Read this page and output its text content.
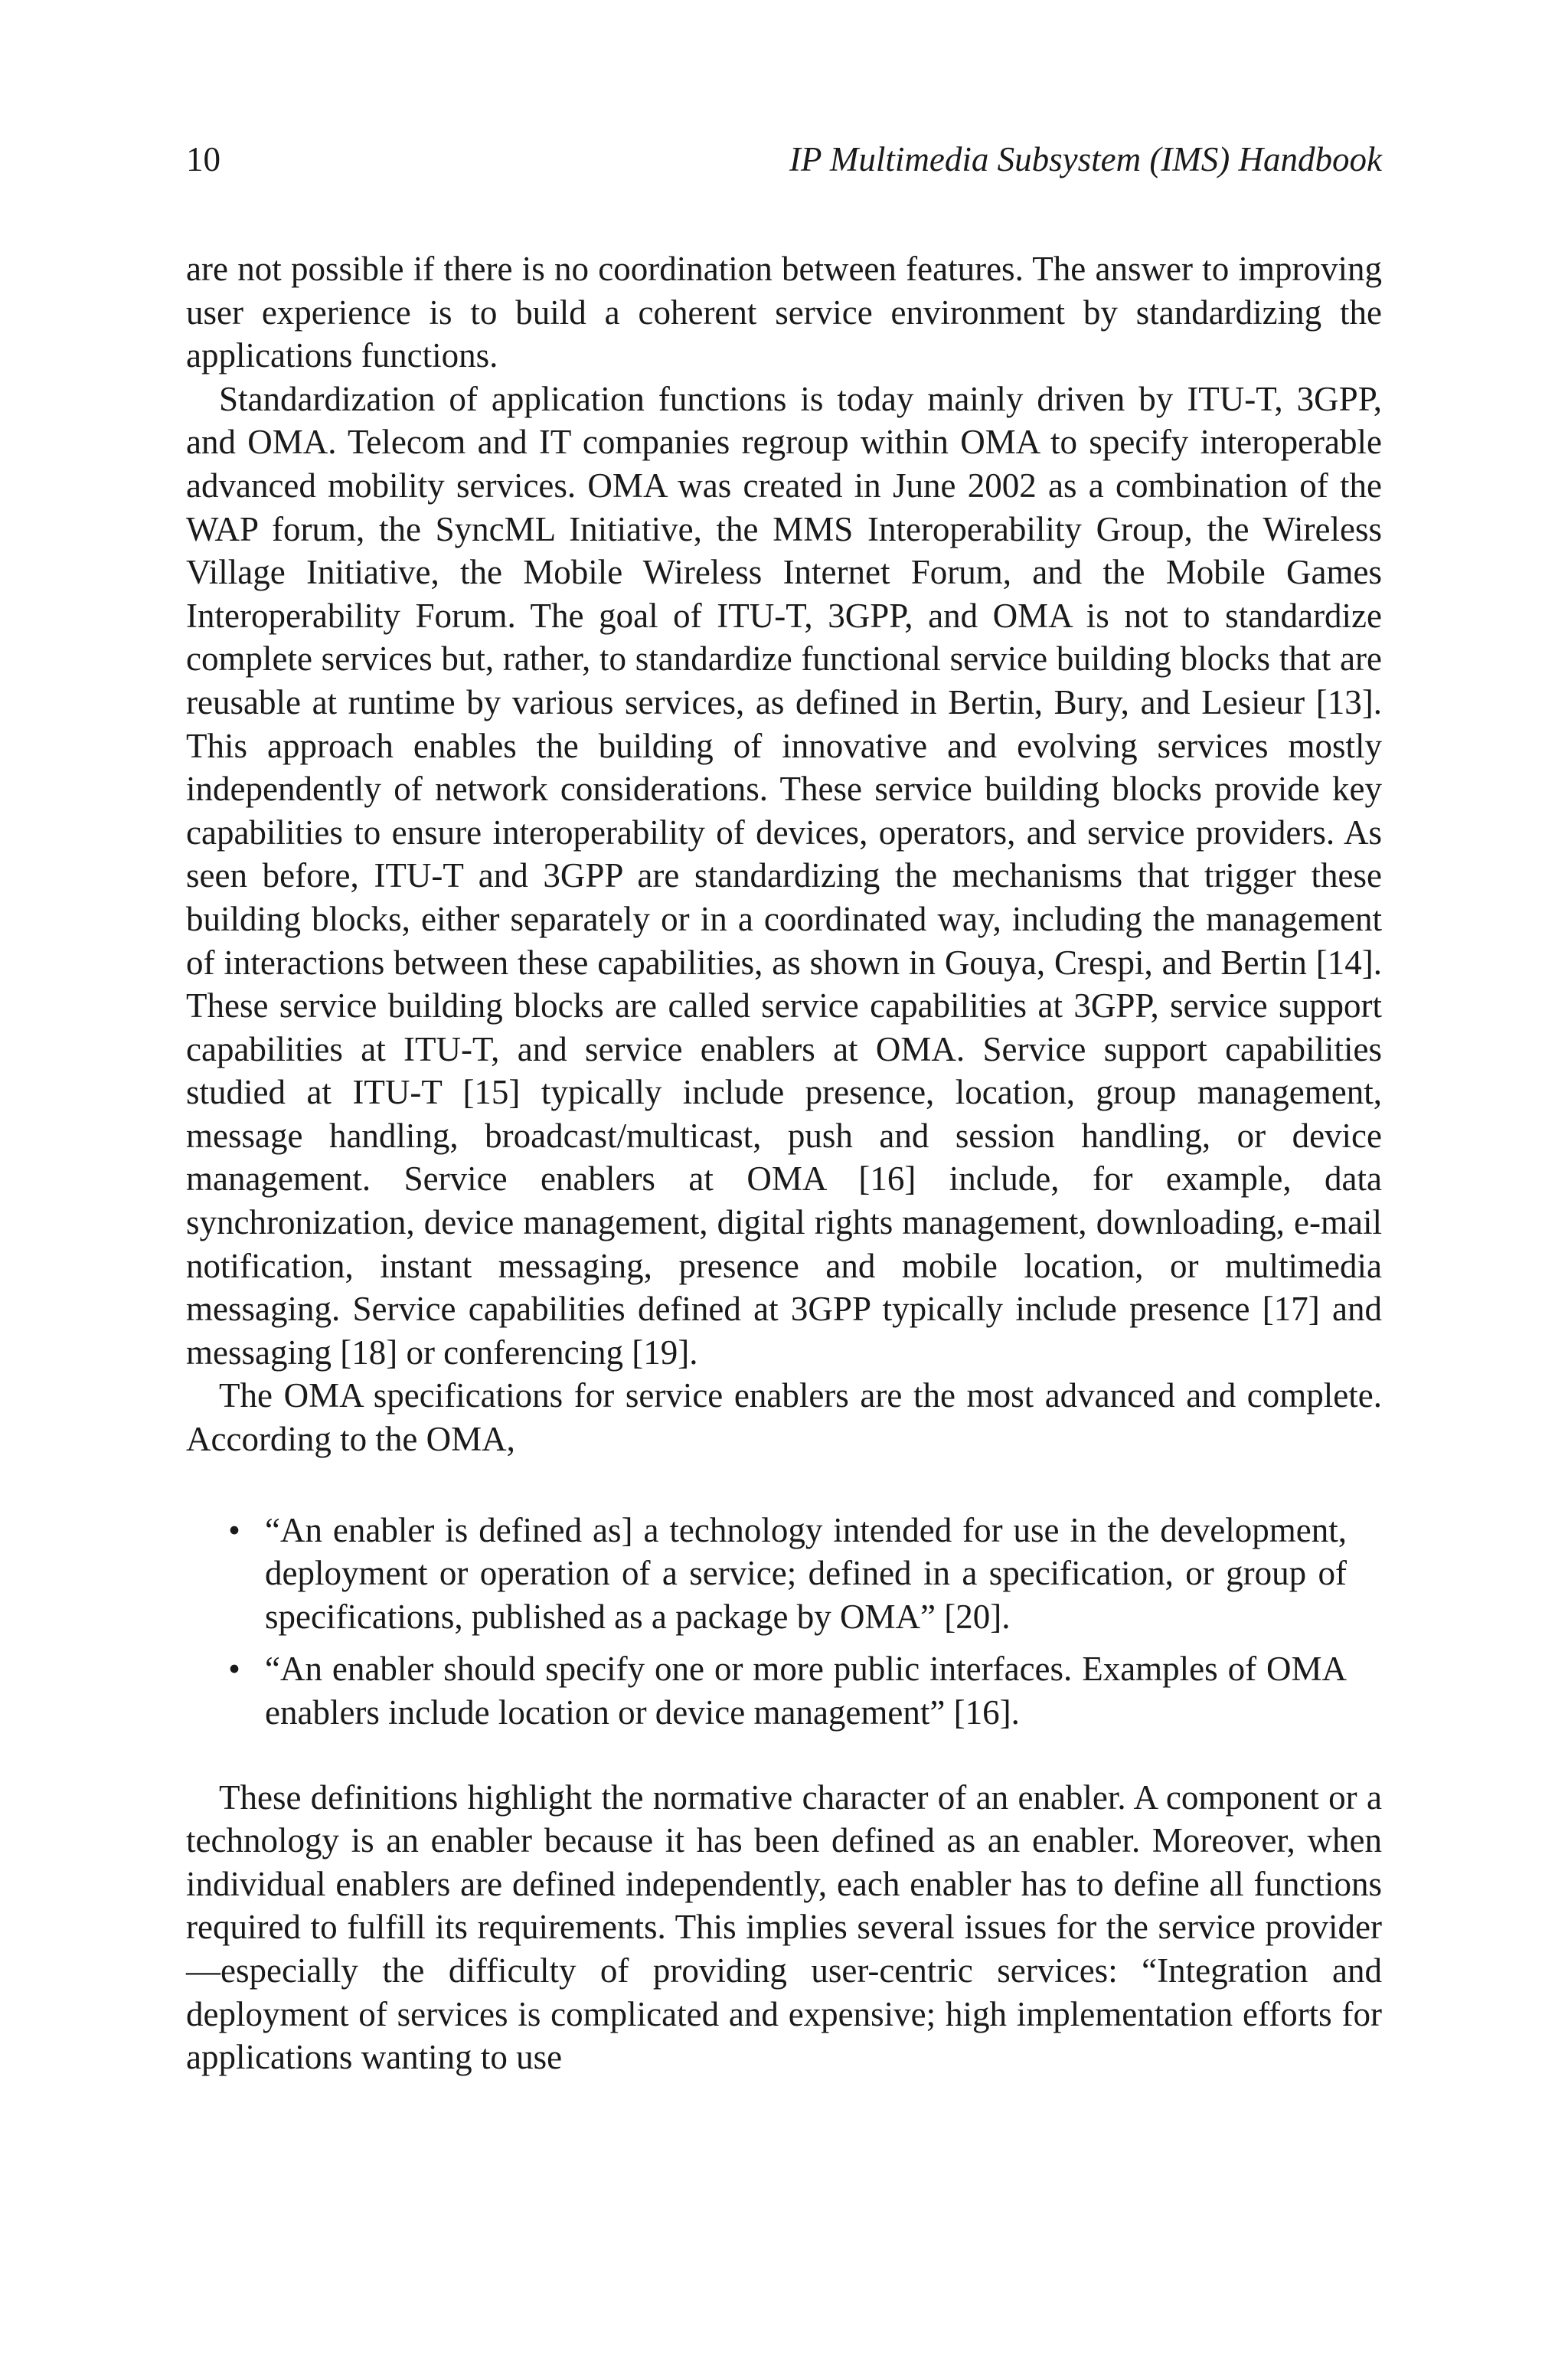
10	IP Multimedia Subsystem (IMS) Handbook

are not possible if there is no coordination between features. The answer to improving user experience is to build a coherent service environment by standardizing the applications functions.

Standardization of application functions is today mainly driven by ITU-T, 3GPP, and OMA. Telecom and IT companies regroup within OMA to specify interoperable advanced mobility services. OMA was created in June 2002 as a combination of the WAP forum, the SyncML Initiative, the MMS Interoperability Group, the Wireless Village Initiative, the Mobile Wireless Internet Forum, and the Mobile Games Interoperability Forum. The goal of ITU-T, 3GPP, and OMA is not to standardize complete services but, rather, to standardize functional service building blocks that are reusable at runtime by various services, as defined in Bertin, Bury, and Lesieur [13]. This approach enables the building of innovative and evolving services mostly independently of network considerations. These service building blocks provide key capabilities to ensure interoperability of devices, operators, and service providers. As seen before, ITU-T and 3GPP are standardizing the mechanisms that trigger these building blocks, either separately or in a coordinated way, including the management of interactions between these capabilities, as shown in Gouya, Crespi, and Bertin [14]. These service building blocks are called service capabilities at 3GPP, service support capabilities at ITU-T, and service enablers at OMA. Service support capabilities studied at ITU-T [15] typically include presence, location, group management, message handling, broadcast/multicast, push and session handling, or device management. Service enablers at OMA [16] include, for example, data synchronization, device management, digital rights management, downloading, e-mail notification, instant messaging, presence and mobile location, or multimedia messaging. Service capabilities defined at 3GPP typically include presence [17] and messaging [18] or conferencing [19].

The OMA specifications for service enablers are the most advanced and complete. According to the OMA,

• “An enabler is defined as] a technology intended for use in the development, deployment or operation of a service; defined in a specification, or group of specifications, published as a package by OMA” [20].
• “An enabler should specify one or more public interfaces. Examples of OMA enablers include location or device management” [16].

These definitions highlight the normative character of an enabler. A component or a technology is an enabler because it has been defined as an enabler. Moreover, when individual enablers are defined independently, each enabler has to define all functions required to fulfill its requirements. This implies several issues for the service provider—especially the difficulty of providing user-centric services: “Integration and deployment of services is complicated and expensive; high implementation efforts for applications wanting to use
